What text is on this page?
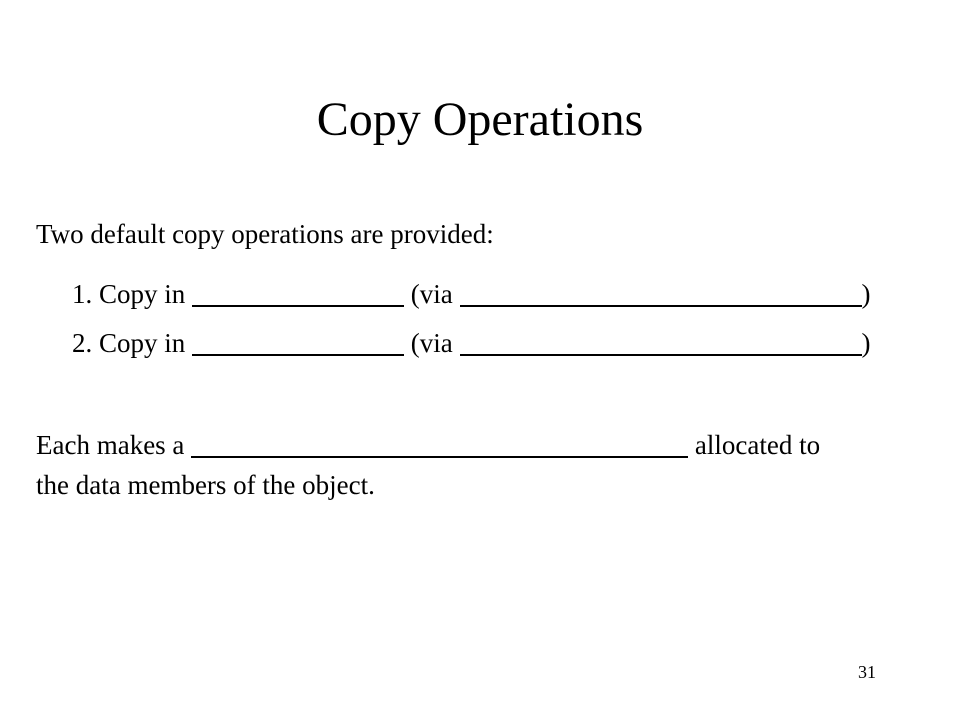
Copy Operations
Two default copy operations are provided:
1. Copy in	(via	)
2. Copy in	(via	)
Each makes a	allocated to
the data members of the object.
31
